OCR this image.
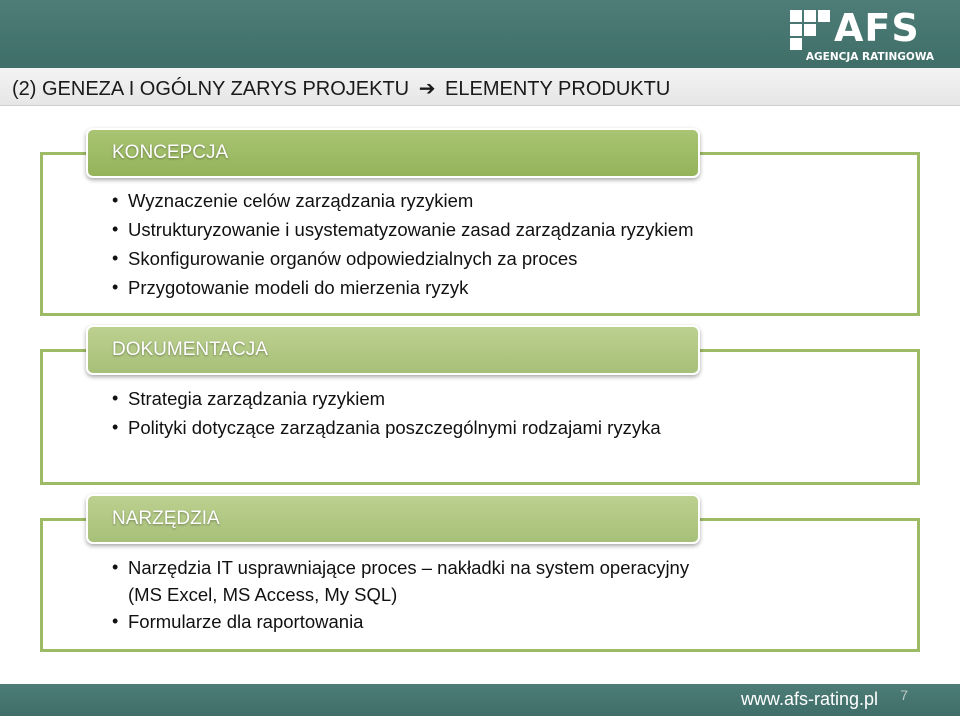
AFS
AGENCJA RATINGOWA
(2) GENEZA I OGÓLNY ZARYS PROJEKTU ➔ ELEMENTY PRODUKTU
KONCEPCJA
• Wyznaczenie celów zarządzania ryzykiem
• Ustrukturyzowanie i usystematyzowanie zasad zarządzania ryzykiem
• Skonfigurowanie organów odpowiedzialnych za proces
• Przygotowanie modeli do mierzenia ryzyk
DOKUMENTACJA
• Strategia zarządzania ryzykiem
• Polityki dotyczące zarządzania poszczególnymi rodzajami ryzyka
NARZĘDZIA
• Narzędzia IT usprawniające proces – nakładki na system operacyjny
(MS Excel, MS Access, My SQL)
• Formularze dla raportowania
www.afs-rating.pl 7
